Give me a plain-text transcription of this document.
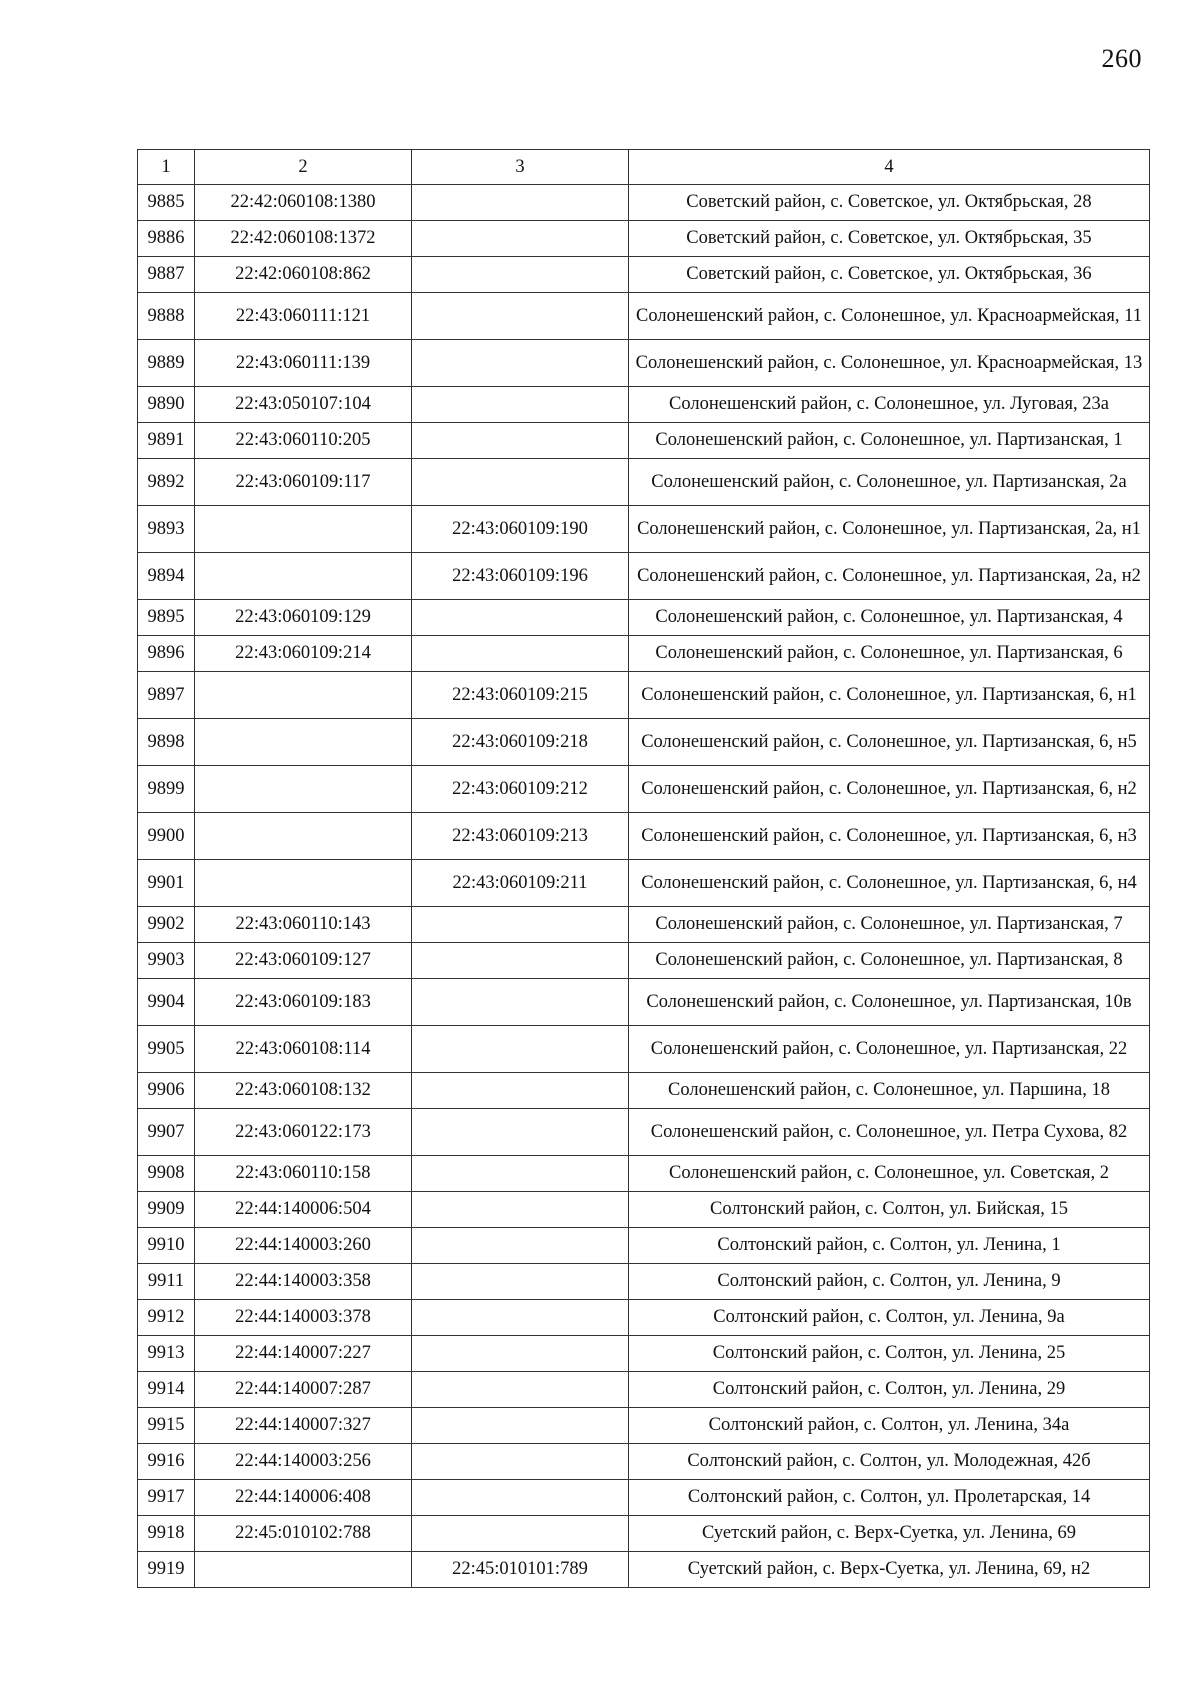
260
1	2	3	4
9885	22:42:060108:1380		Советский район, с. Советское, ул. Октябрьская, 28
9886	22:42:060108:1372		Советский район, с. Советское, ул. Октябрьская, 35
9887	22:42:060108:862		Советский район, с. Советское, ул. Октябрьская, 36
9888	22:43:060111:121		Солонешенский район, с. Солонешное, ул. Красноармейская, 11
9889	22:43:060111:139		Солонешенский район, с. Солонешное, ул. Красноармейская, 13
9890	22:43:050107:104		Солонешенский район, с. Солонешное, ул. Луговая, 23а
9891	22:43:060110:205		Солонешенский район, с. Солонешное, ул. Партизанская, 1
9892	22:43:060109:117		Солонешенский район, с. Солонешное, ул. Партизанская, 2а
9893		22:43:060109:190	Солонешенский район, с. Солонешное, ул. Партизанская, 2а, н1
9894		22:43:060109:196	Солонешенский район, с. Солонешное, ул. Партизанская, 2а, н2
9895	22:43:060109:129		Солонешенский район, с. Солонешное, ул. Партизанская, 4
9896	22:43:060109:214		Солонешенский район, с. Солонешное, ул. Партизанская, 6
9897		22:43:060109:215	Солонешенский район, с. Солонешное, ул. Партизанская, 6, н1
9898		22:43:060109:218	Солонешенский район, с. Солонешное, ул. Партизанская, 6, н5
9899		22:43:060109:212	Солонешенский район, с. Солонешное, ул. Партизанская, 6, н2
9900		22:43:060109:213	Солонешенский район, с. Солонешное, ул. Партизанская, 6, н3
9901		22:43:060109:211	Солонешенский район, с. Солонешное, ул. Партизанская, 6, н4
9902	22:43:060110:143		Солонешенский район, с. Солонешное, ул. Партизанская, 7
9903	22:43:060109:127		Солонешенский район, с. Солонешное, ул. Партизанская, 8
9904	22:43:060109:183		Солонешенский район, с. Солонешное, ул. Партизанская, 10в
9905	22:43:060108:114		Солонешенский район, с. Солонешное, ул. Партизанская, 22
9906	22:43:060108:132		Солонешенский район, с. Солонешное, ул. Паршина, 18
9907	22:43:060122:173		Солонешенский район, с. Солонешное, ул. Петра Сухова, 82
9908	22:43:060110:158		Солонешенский район, с. Солонешное, ул. Советская, 2
9909	22:44:140006:504		Солтонский район, с. Солтон, ул. Бийская, 15
9910	22:44:140003:260		Солтонский район, с. Солтон, ул. Ленина, 1
9911	22:44:140003:358		Солтонский район, с. Солтон, ул. Ленина, 9
9912	22:44:140003:378		Солтонский район, с. Солтон, ул. Ленина, 9а
9913	22:44:140007:227		Солтонский район, с. Солтон, ул. Ленина, 25
9914	22:44:140007:287		Солтонский район, с. Солтон, ул. Ленина, 29
9915	22:44:140007:327		Солтонский район, с. Солтон, ул. Ленина, 34а
9916	22:44:140003:256		Солтонский район, с. Солтон, ул. Молодежная, 42б
9917	22:44:140006:408		Солтонский район, с. Солтон, ул. Пролетарская, 14
9918	22:45:010102:788		Суетский район, с. Верх-Суетка, ул. Ленина, 69
9919		22:45:010101:789	Суетский район, с. Верх-Суетка, ул. Ленина, 69, н2
